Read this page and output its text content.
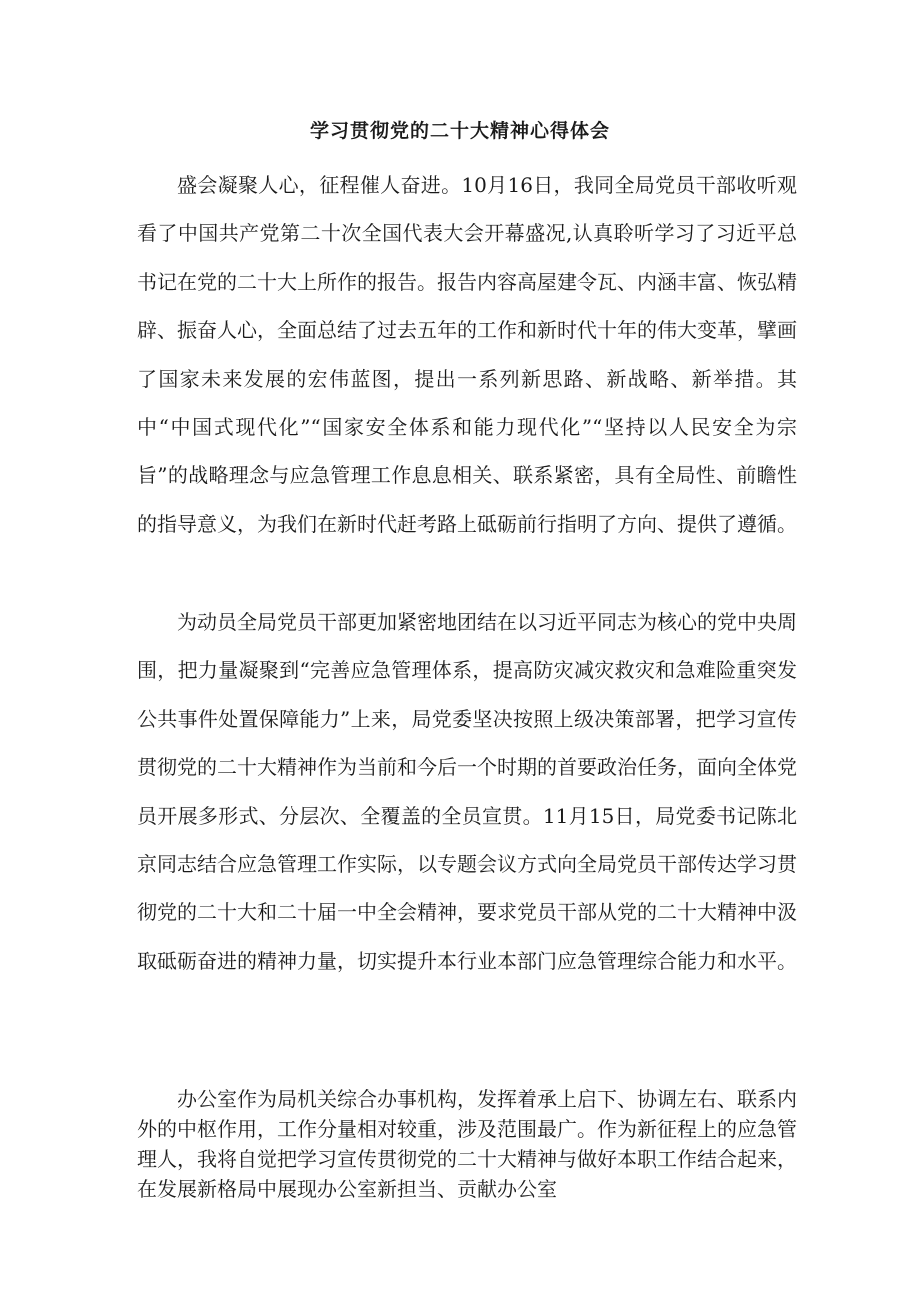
学习贯彻党的二十大精神心得体会

盛会凝聚人心，征程催人奋进。10月16日，我同全局党员干部收听观看了中国共产党第二十次全国代表大会开幕盛况,认真聆听学习了习近平总书记在党的二十大上所作的报告。报告内容高屋建令瓦、内涵丰富、恢弘精辟、振奋人心，全面总结了过去五年的工作和新时代十年的伟大变革，擘画了国家未来发展的宏伟蓝图，提出一系列新思路、新战略、新举措。其中“中国式现代化”“国家安全体系和能力现代化”“坚持以人民安全为宗旨”的战略理念与应急管理工作息息相关、联系紧密，具有全局性、前瞻性的指导意义，为我们在新时代赶考路上砥砺前行指明了方向、提供了遵循。

为动员全局党员干部更加紧密地团结在以习近平同志为核心的党中央周围，把力量凝聚到“完善应急管理体系，提高防灾减灾救灾和急难险重突发公共事件处置保障能力”上来，局党委坚决按照上级决策部署，把学习宣传贯彻党的二十大精神作为当前和今后一个时期的首要政治任务，面向全体党员开展多形式、分层次、全覆盖的全员宣贯。11月15日，局党委书记陈北京同志结合应急管理工作实际，以专题会议方式向全局党员干部传达学习贯彻党的二十大和二十届一中全会精神，要求党员干部从党的二十大精神中汲取砥砺奋进的精神力量，切实提升本行业本部门应急管理综合能力和水平。

办公室作为局机关综合办事机构，发挥着承上启下、协调左右、联系内外的中枢作用，工作分量相对较重，涉及范围最广。作为新征程上的应急管理人，我将自觉把学习宣传贯彻党的二十大精神与做好本职工作结合起来，在发展新格局中展现办公室新担当、贡献办公室
